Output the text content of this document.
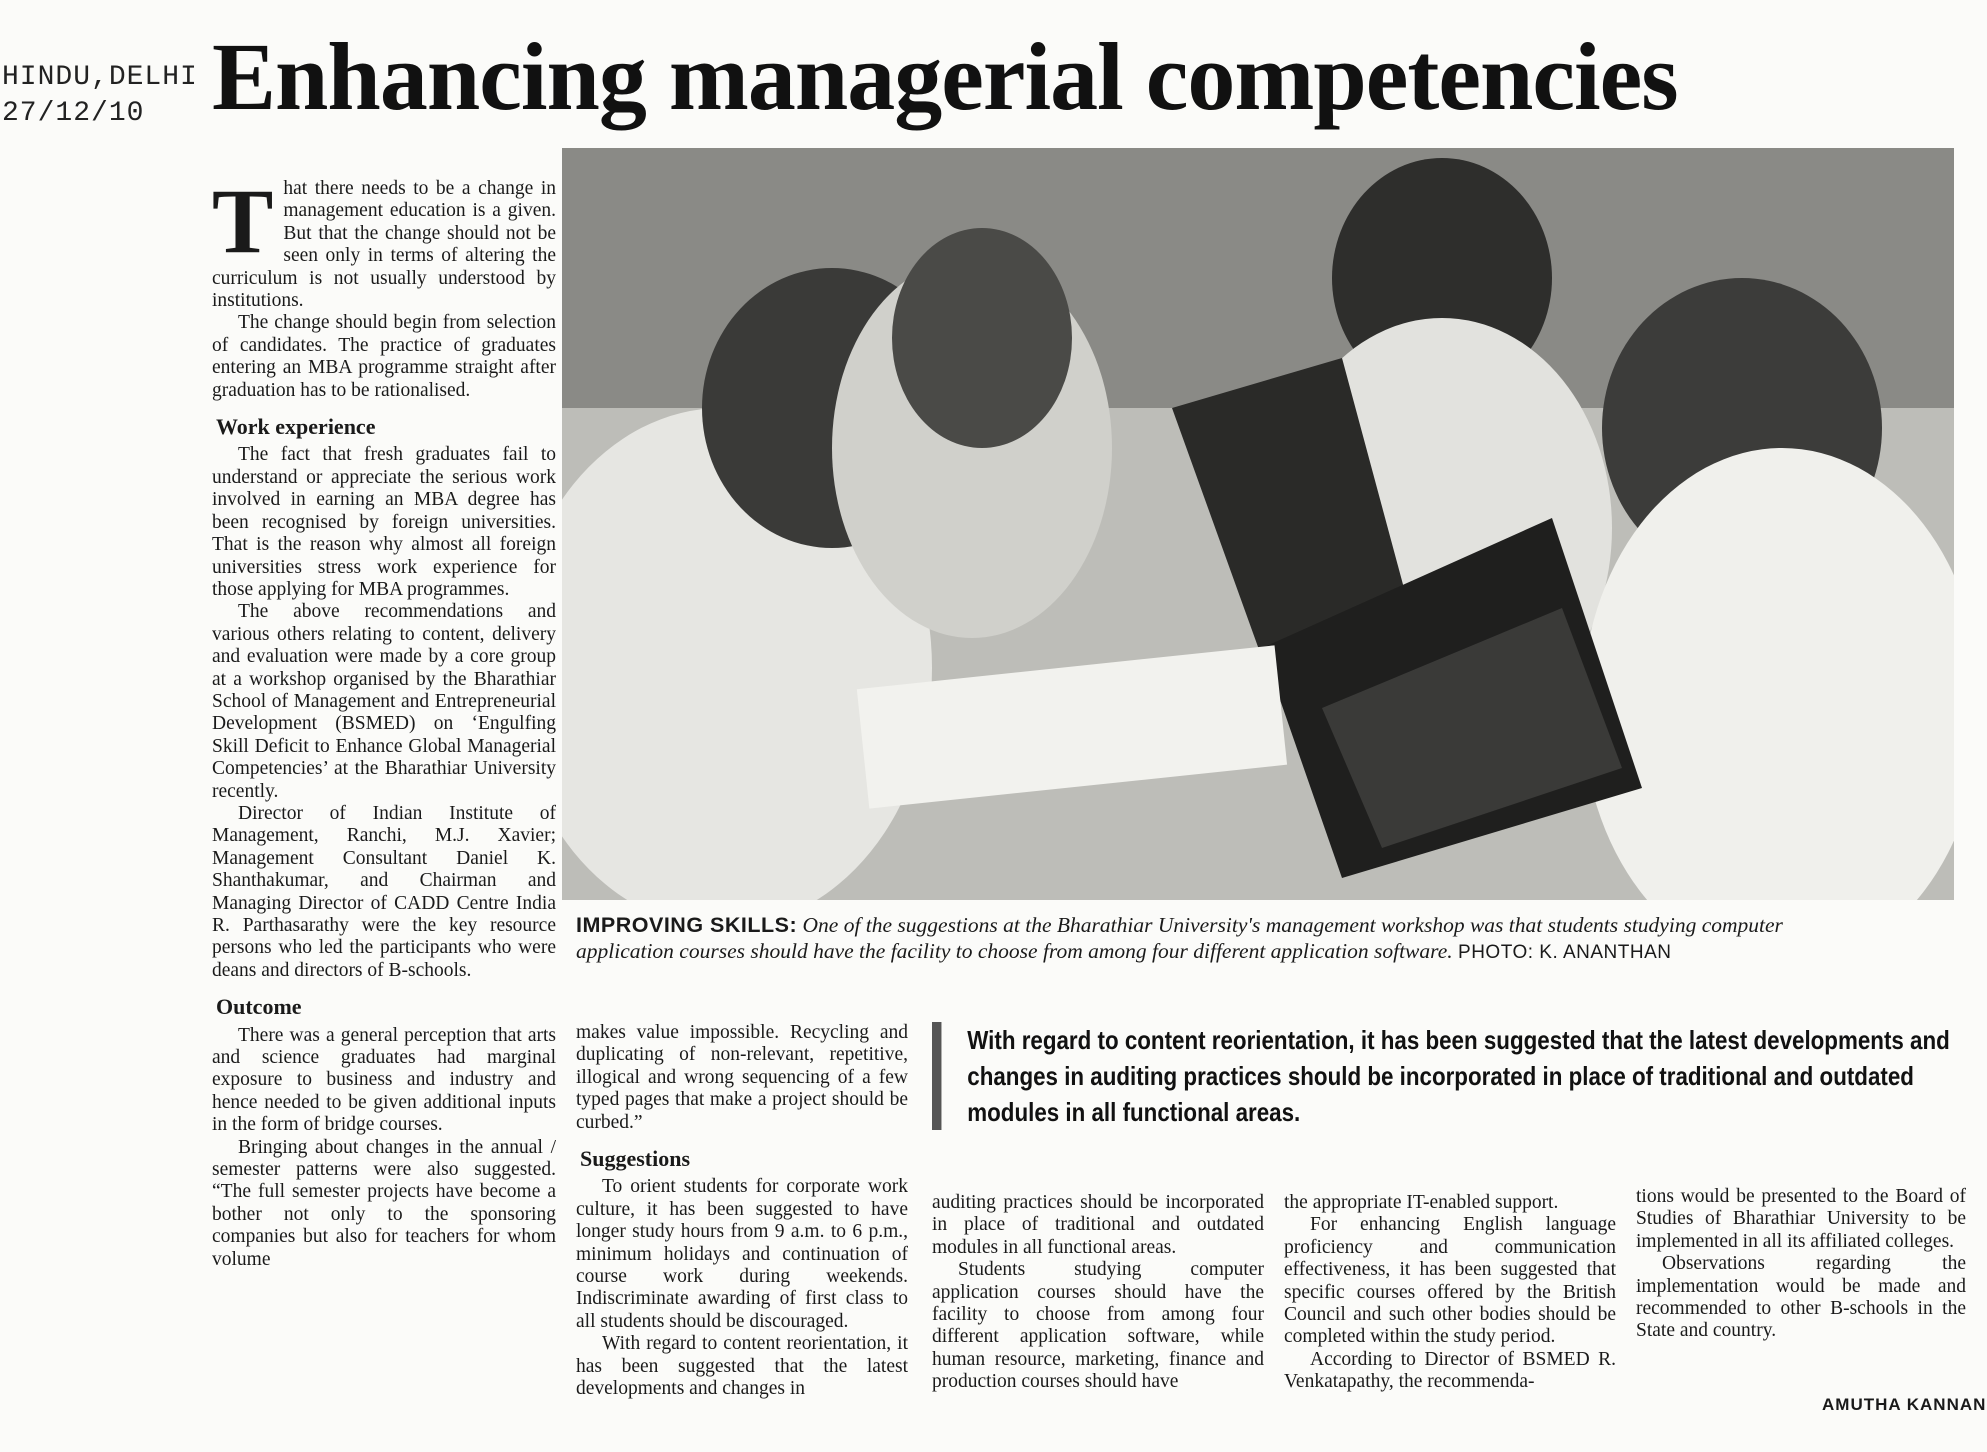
HINDU,DELHI
27/12/10 Enhancing managerial competencies
T hat there needs to be a change in management education is a given. But that the change should not be seen only in terms of altering the curriculum is not usually understood by institutions.

The change should begin from selection of candidates. The practice of graduates entering an MBA programme straight after graduation has to be rationalised.

Work experience

The fact that fresh graduates fail to understand or appreciate the serious work involved in earning an MBA degree has been recognised by foreign universities. That is the reason why almost all foreign universities stress work experience for those applying for MBA programmes.

The above recommendations and various others relating to content, delivery and evaluation were made by a core group at a workshop organised by the Bharathiar School of Management and Entrepreneurial Development (BSMED) on ‘Engulfing Skill Deficit to Enhance Global Managerial Competencies’ at the Bharathiar University recently.

Director of Indian Institute of Management, Ranchi, M.J. Xavier; Management Consultant Daniel K. Shanthakumar, and Chairman and Managing Director of CADD Centre India R. Parthasarathy were the key resource persons who led the participants who were deans and directors of B-schools.

Outcome

There was a general perception that arts and science graduates had marginal exposure to business and industry and hence needed to be given additional inputs in the form of bridge courses.

Bringing about changes in the annual / semester patterns were also suggested. “The full semester projects have become a bother not only to the sponsoring companies but also for teachers for whom volume

IMPROVING SKILLS: One of the suggestions at the Bharathiar University's management workshop was that students studying computer application courses should have the facility to choose from among four different application software. PHOTO: K. ANANTHAN

makes value impossible. Recycling and duplicating of non-relevant, repetitive, illogical and wrong sequencing of a few typed pages that make a project should be curbed.”

Suggestions

To orient students for corporate work culture, it has been suggested to have longer study hours from 9 a.m. to 6 p.m., minimum holidays and continuation of course work during weekends. Indiscriminate awarding of first class to all students should be discouraged.

With regard to content reorientation, it has been suggested that the latest developments and changes in

With regard to content reorientation, it has been suggested that the latest developments and changes in auditing practices should be incorporated in place of traditional and outdated modules in all functional areas.

auditing practices should be incorporated in place of traditional and outdated modules in all functional areas.

Students studying computer application courses should have the facility to choose from among four different application software, while human resource, marketing, finance and production courses should have

the appropriate IT-enabled support.

For enhancing English language proficiency and communication effectiveness, it has been suggested that specific courses offered by the British Council and such other bodies should be completed within the study period.

According to Director of BSMED R. Venkatapathy, the recommenda-

tions would be presented to the Board of Studies of Bharathiar University to be implemented in all its affiliated colleges.

Observations regarding the implementation would be made and recommended to other B-schools in the State and country.

AMUTHA KANNAN
